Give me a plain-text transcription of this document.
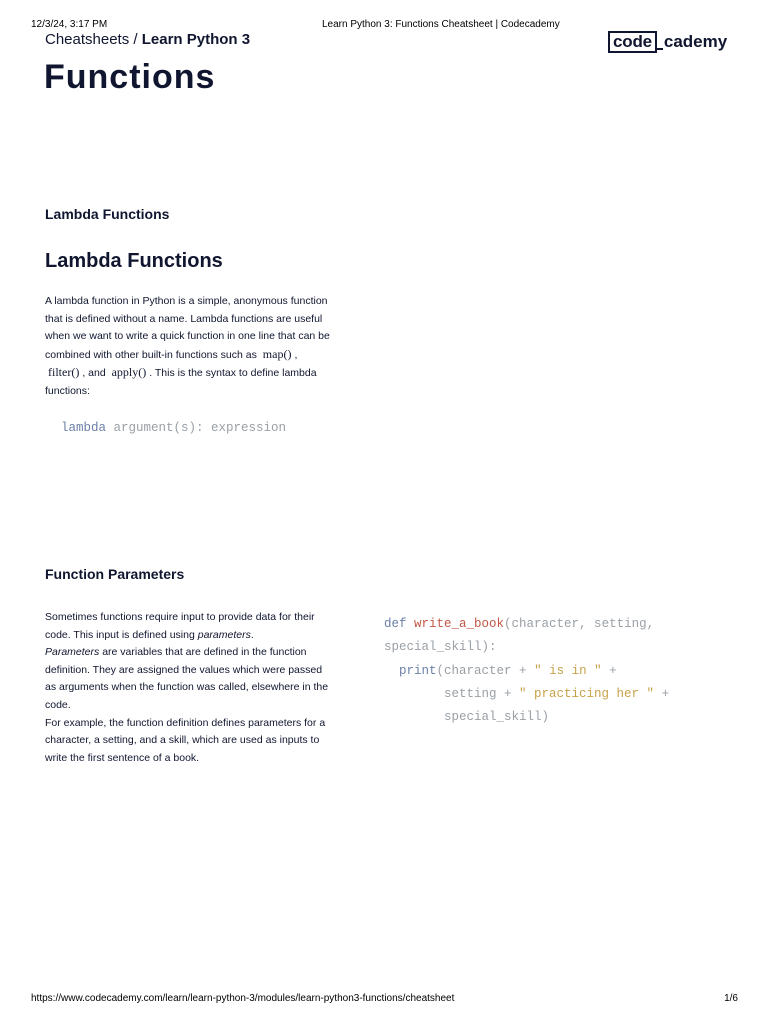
12/3/24, 3:17 PM	Learn Python 3: Functions Cheatsheet | Codecademy
Cheatsheets / Learn Python 3	code cademy
Functions
Lambda Functions
Lambda Functions

A lambda function in Python is a simple, anonymous function that is defined without a name. Lambda functions are useful when we want to write a quick function in one line that can be combined with other built-in functions such as map() , filter() , and apply() . This is the syntax to define lambda functions:

lambda argument(s): expression
Function Parameters

Sometimes functions require input to provide data for their code. This input is defined using parameters.
Parameters are variables that are defined in the function definition. They are assigned the values which were passed as arguments when the function was called, elsewhere in the code.
For example, the function definition defines parameters for a character, a setting, and a skill, which are used as inputs to write the first sentence of a book.

def write_a_book(character, setting,
special_skill):
print(character + " is in " +
setting + " practicing her " +
special_skill)
https://www.codecademy.com/learn/learn-python-3/modules/learn-python3-functions/cheatsheet	1/6
